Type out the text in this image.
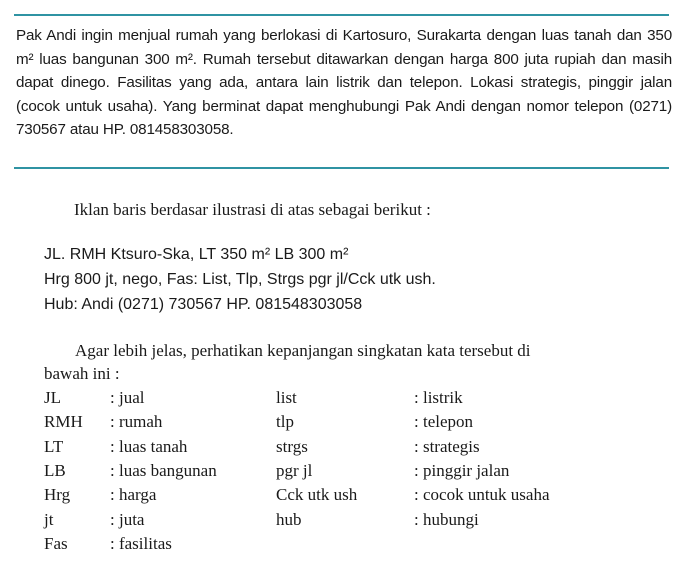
Pak Andi ingin menjual rumah yang berlokasi di Kartosuro, Surakarta dengan luas tanah dan 350 m² luas bangunan 300 m². Rumah tersebut ditawarkan dengan harga 800 juta rupiah dan masih dapat dinego. Fasilitas yang ada, antara lain listrik dan telepon. Lokasi strategis, pinggir jalan (cocok untuk usaha). Yang berminat dapat menghubungi Pak Andi dengan nomor telepon (0271) 730567 atau HP. 081458303058.

Iklan baris berdasar ilustrasi di atas sebagai berikut :

JL. RMH Ktsuro-Ska, LT 350 m² LB 300 m²
Hrg 800 jt, nego, Fas: List, Tlp, Strgs pgr jl/Cck utk ush.
Hub: Andi (0271) 730567 HP. 081548303058

Agar lebih jelas, perhatikan kepanjangan singkatan kata tersebut di
bawah ini :

JL	: jual	list	: listrik
RMH	: rumah	tlp	: telepon
LT	: luas tanah	strgs	: strategis
LB	: luas bangunan	pgr jl	: pinggir jalan
Hrg	: harga	Cck utk ush	: cocok untuk usaha
jt	: juta	hub	: hubungi
Fas	: fasilitas		
